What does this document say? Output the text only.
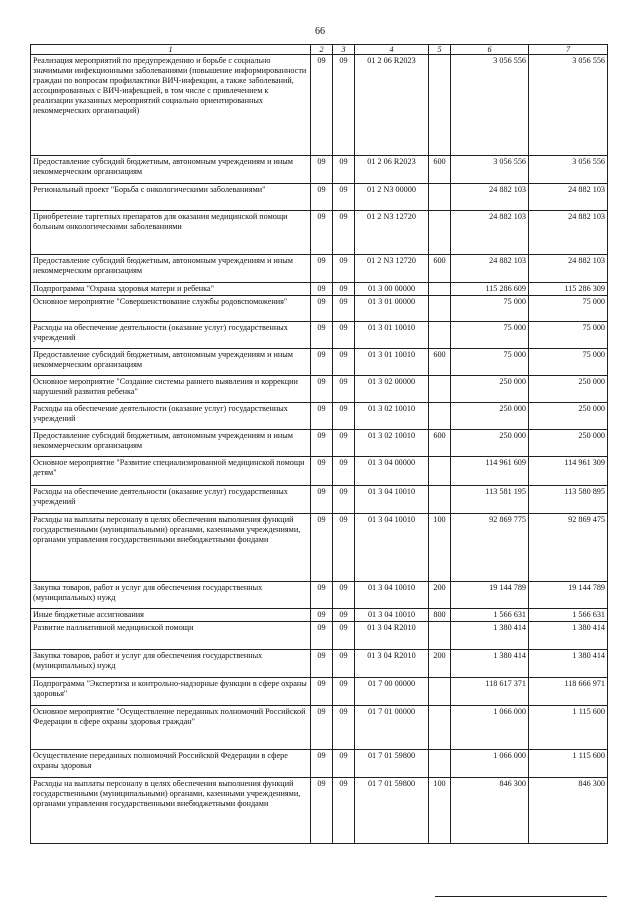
66
1	2	3	4	5	6	7
Реализация мероприятий по предупреждению и борьбе с социально значимыми инфекционными заболеваниями (повышение информированности граждан по вопросам профилактики ВИЧ-инфекции, а также заболеваний, ассоциированных с ВИЧ-инфекцией, в том числе с привлечением к реализации указанных мероприятий социально ориентированных некоммерческих организаций)	09	09	01 2 06 R2023		3 056 556	3 056 556
Предоставление субсидий бюджетным, автономным учреждениям и иным некоммерческим организациям	09	09	01 2 06 R2023	600	3 056 556	3 056 556
Региональный проект "Борьба с онкологическими заболеваниями"	09	09	01 2 N3 00000		24 882 103	24 882 103
Приобретение таргетных препаратов для оказания медицинской помощи больным онкологическими заболеваниями	09	09	01 2 N3 12720		24 882 103	24 882 103
Предоставление субсидий бюджетным, автономным учреждениям и иным некоммерческим организациям	09	09	01 2 N3 12720	600	24 882 103	24 882 103
Подпрограмма "Охрана здоровья матери и ребенка"	09	09	01 3 00 00000		115 286 609	115 286 309
Основное мероприятие "Совершенствование службы родовспоможения"	09	09	01 3 01 00000		75 000	75 000
Расходы на обеспечение деятельности (оказание услуг) государственных учреждений	09	09	01 3 01 10010		75 000	75 000
Предоставление субсидий бюджетным, автономным учреждениям и иным некоммерческим организациям	09	09	01 3 01 10010	600	75 000	75 000
Основное мероприятие "Создание системы раннего выявления и коррекции нарушений развития ребенка"	09	09	01 3 02 00000		250 000	250 000
Расходы на обеспечение деятельности (оказание услуг) государственных учреждений	09	09	01 3 02 10010		250 000	250 000
Предоставление субсидий бюджетным, автономным учреждениям и иным некоммерческим организациям	09	09	01 3 02 10010	600	250 000	250 000
Основное мероприятие "Развитие специализированной медицинской помощи детям"	09	09	01 3 04 00000		114 961 609	114 961 309
Расходы на обеспечение деятельности (оказание услуг) государственных учреждений	09	09	01 3 04 10010		113 581 195	113 580 895
Расходы на выплаты персоналу в целях обеспечения выполнения функций государственными (муниципальными) органами, казенными учреждениями, органами управления государственными внебюджетными фондами	09	09	01 3 04 10010	100	92 869 775	92 869 475
Закупка товаров, работ и услуг для обеспечения государственных (муниципальных) нужд	09	09	01 3 04 10010	200	19 144 789	19 144 789
Иные бюджетные ассигнования	09	09	01 3 04 10010	800	1 566 631	1 566 631
Развитие паллиативной медицинской помощи	09	09	01 3 04 R2010		1 380 414	1 380 414
Закупка товаров, работ и услуг для обеспечения государственных (муниципальных) нужд	09	09	01 3 04 R2010	200	1 380 414	1 380 414
Подпрограмма "Экспертиза и контрольно-надзорные функции в сфере охраны здоровья"	09	09	01 7 00 00000		118 617 371	118 666 971
Основное мероприятие "Осуществление переданных полномочий Российской Федерации в сфере охраны здоровья граждан"	09	09	01 7 01 00000		1 066 000	1 115 600
Осуществление переданных полномочий Российской Федерации в сфере охраны здоровья	09	09	01 7 01 59800		1 066 000	1 115 600
Расходы на выплаты персоналу в целях обеспечения выполнения функций государственными (муниципальными) органами, казенными учреждениями, органами управления государственными внебюджетными фондами	09	09	01 7 01 59800	100	846 300	846 300
